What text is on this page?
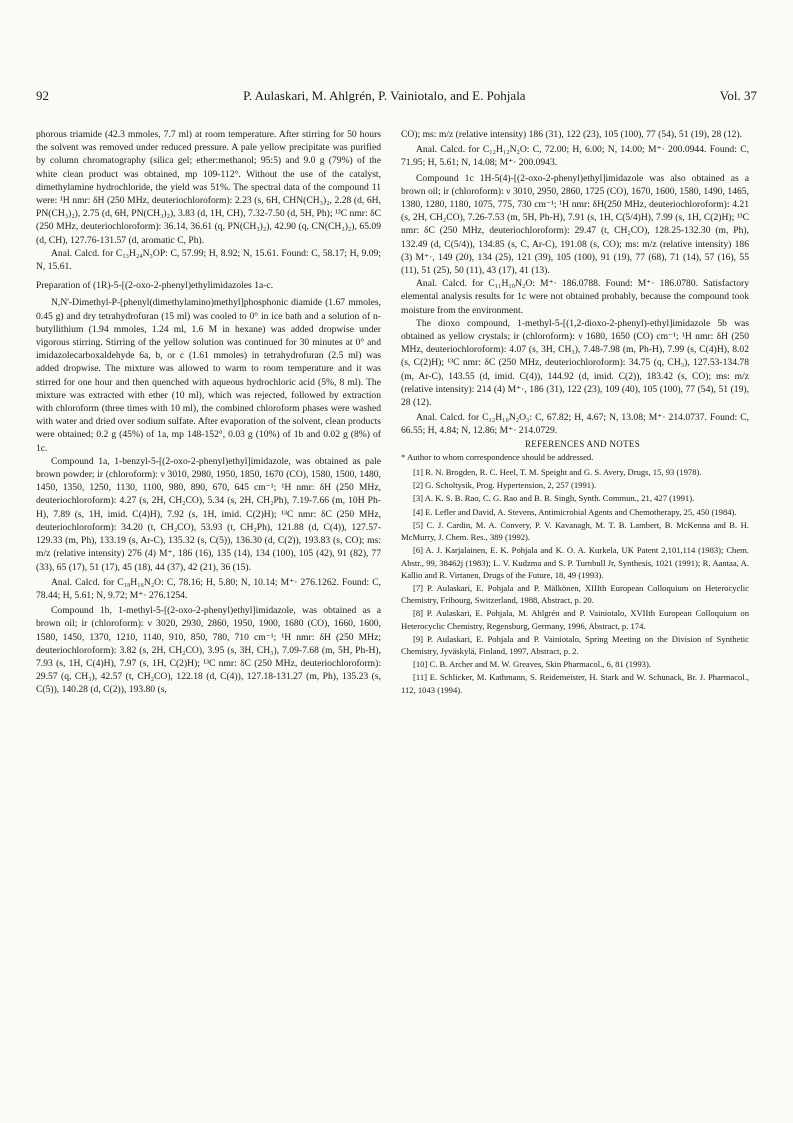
92	P. Aulaskari, M. Ahlgrén, P. Vainiotalo, and E. Pohjala	Vol. 37

phorous triamide (42.3 mmoles, 7.7 ml) at room temperature. After stirring for 50 hours the solvent was removed under reduced pressure. A pale yellow precipitate was purified by column chromatography (silica gel; ether:methanol; 95:5) and 9.0 g (79%) of the white clean product was obtained, mp 109-112°. Without the use of the catalyst, dimethylamine hydrochloride, the yield was 51%. The spectral data of the compound 11 were: ¹H nmr: δH (250 MHz, deuteriochloroform): 2.23 (s, 6H, CHN(CH₃)₂, 2.28 (d, 6H, PN(CH₃)₂), 2.75 (d, 6H, PN(CH₃)₂), 3.83 (d, 1H, CH), 7.32-7.50 (d, 5H, Ph); ¹³C nmr: δC (250 MHz, deuteriochloroform): 36.14, 36.61 (q, PN(CH₃)₂), 42.90 (q, CN(CH₃)₂), 65.09 (d, CH), 127.76-131.57 (d, aromatic C, Ph).

Anal. Calcd. for C₁₃H₂₄N₃OP: C, 57.99; H, 8.92; N, 15.61. Found: C, 58.17; H, 9.09; N, 15.61.

Preparation of (1R)-5-[(2-oxo-2-phenyl)ethylimidazoles 1a-c.

N,N'-Dimethyl-P-[phenyl(dimethylamino)methyl]phosphonic diamide (1.67 mmoles, 0.45 g) and dry tetrahydrofuran (15 ml) was cooled to 0° in ice bath and a solution of n-butyllithium (1.94 mmoles, 1.24 ml, 1.6 M in hexane) was added dropwise under vigorous stirring. Stirring of the yellow solution was continued for 30 minutes at 0° and imidazolecarboxaldehyde 6a, b, or c (1.61 mmoles) in tetrahydrofuran (2.5 ml) was added dropwise. The mixture was allowed to warm to room temperature and it was stirred for one hour and then quenched with aqueous hydrochloric acid (5%, 8 ml). The mixture was extracted with ether (10 ml), which was rejected, followed by extraction with chloroform (three times with 10 ml), the combined chloroform phases were washed with water and dried over sodium sulfate. After evaporation of the solvent, clean products were obtained; 0.2 g (45%) of 1a, mp 148-152°, 0.03 g (10%) of 1b and 0.02 g (8%) of 1c.

Compound 1a, 1-benzyl-5-[(2-oxo-2-phenyl)ethyl]imidazole, was obtained as pale brown powder; ir (chloroform): ν 3010, 2980, 1950, 1850, 1670 (CO), 1580, 1500, 1480, 1450, 1350, 1250, 1130, 1100, 980, 890, 670, 645 cm⁻¹; ¹H nmr: δH (250 MHz, deuteriochloroform): 4.27 (s, 2H, CH₂CO), 5.34 (s, 2H, CH₂Ph), 7.19-7.66 (m, 10H Ph-H), 7.89 (s, 1H, imid. C(4)H), 7.92 (s, 1H, imid. C(2)H); ¹³C nmr: δC (250 MHz, deuteriochloroform): 34.20 (t, CH₂CO), 53.93 (t, CH₂Ph), 121.88 (d, C(4)), 127.57-129.33 (m, Ph), 133.19 (s, Ar-C), 135.32 (s, C(5)), 136.30 (d, C(2)), 193.83 (s, CO); ms: m/z (relative intensity) 276 (4) M⁺, 186 (16), 135 (14), 134 (100), 105 (42), 91 (82), 77 (33), 65 (17), 51 (17), 45 (18), 44 (37), 42 (21), 36 (15).

Anal. Calcd. for C₁₈H₁₆N₂O: C, 78.16; H, 5.80; N, 10.14; M⁺· 276.1262. Found: C, 78.44; H, 5.61; N, 9.72; M⁺· 276.1254.

Compound 1b, 1-methyl-5-[(2-oxo-2-phenyl)ethyl]imidazole, was obtained as a brown oil; ir (chloroform): ν 3020, 2930, 2860, 1950, 1900, 1680 (CO), 1660, 1600, 1580, 1450, 1370, 1210, 1140, 910, 850, 780, 710 cm⁻¹; ¹H nmr: δH (250 MHz; deuteriochloroform): 3.82 (s, 2H, CH₂CO), 3.95 (s, 3H, CH₃), 7.09-7.68 (m, 5H, Ph-H), 7.93 (s, 1H, C(4)H), 7.97 (s, 1H, C(2)H); ¹³C nmr: δC (250 MHz, deuteriochloroform): 29.57 (q, CH₃), 42.57 (t, CH₂CO), 122.18 (d, C(4)), 127.18-131.27 (m, Ph), 135.23 (s, C(5)), 140.28 (d, C(2)), 193.80 (s,

CO); ms: m/z (relative intensity) 186 (31), 122 (23), 105 (100), 77 (54), 51 (19), 28 (12).

Anal. Calcd. for C₁₂H₁₂N₂O: C, 72.00; H, 6.00; N, 14.00; M⁺· 200.0944. Found: C, 71.95; H, 5.61; N, 14.08; M⁺· 200.0943.

Compound 1c 1H-5(4)-[(2-oxo-2-phenyl)ethyl]imidazole was also obtained as a brown oil; ir (chloroform): ν 3010, 2950, 2860, 1725 (CO), 1670, 1600, 1580, 1490, 1465, 1380, 1280, 1180, 1075, 775, 730 cm⁻¹; ¹H nmr: δH(250 MHz, deuteriochloroform): 4.21 (s, 2H, CH₂CO), 7.26-7.53 (m, 5H, Ph-H), 7.91 (s, 1H, C(5/4)H), 7.99 (s, 1H, C(2)H); ¹³C nmr: δC (250 MHz, deuteriochloroform): 29.47 (t, CH₂CO), 128.25-132.30 (m, Ph), 132.49 (d, C(5/4)), 134.85 (s, C, Ar-C), 191.08 (s, CO); ms: m/z (relative intensity) 186 (3) M⁺·, 149 (20), 134 (25), 121 (39), 105 (100), 91 (19), 77 (68), 71 (14), 57 (16), 55 (11), 51 (25), 50 (11), 43 (17), 41 (13).

Anal. Calcd. for C₁₁H₁₀N₂O: M⁺· 186.0788. Found: M⁺· 186.0780. Satisfactory elemental analysis results for 1c were not obtained probably, because the compound took moisture from the environment.

The dioxo compound, 1-methyl-5-[(1,2-dioxo-2-phenyl)-ethyl]imidazole 5b was obtained as yellow crystals; ir (chloroform): ν 1680, 1650 (CO) cm⁻¹; ¹H nmr: δH (250 MHz, deuteriochloroform): 4.07 (s, 3H, CH₃), 7.48-7.98 (m, Ph-H), 7.99 (s, C(4)H), 8.02 (s, C(2)H); ¹³C nmr: δC (250 MHz, deuteriochloroform): 34.75 (q, CH₃), 127.53-134.78 (m, Ar-C), 143.55 (d, imid. C(4)), 144.92 (d, imid. C(2)), 183.42 (s, CO); ms: m/z (relative intensity): 214 (4) M⁺·, 186 (31), 122 (23), 109 (40), 105 (100), 77 (54), 51 (19), 28 (12).

Anal. Calcd. for C₁₂H₁₀N₂O₃: C, 67.82; H, 4.67; N, 13.08; M⁺· 214.0737. Found: C, 66.55; H, 4.84; N, 12.86; M⁺· 214.0729.

REFERENCES AND NOTES

* Author to whom correspondence should be addressed.

[1] R. N. Brogden, R. C. Heel, T. M. Speight and G. S. Avery, Drugs, 15, 93 (1978).

[2] G. Scholtysik, Prog. Hypertension, 2, 257 (1991).

[3] A. K. S. B. Rao, C. G. Rao and B. B. Singh, Synth. Commun., 21, 427 (1991).

[4] E. Lefler and David, A. Stevens, Antimicrobial Agents and Chemotherapy, 25, 450 (1984).

[5] C. J. Cardin, M. A. Convery, P. V. Kavanagh, M. T. B. Lambert, B. McKenna and B. H. McMurry, J. Chem. Res., 389 (1992).

[6] A. J. Karjalainen, E. K. Pohjala and K. O. A. Kurkela, UK Patent 2,101,114 (1983); Chem. Abstr., 99, 38462j (1983); L. V. Kudzma and S. P. Turnbull Jr, Synthesis, 1021 (1991); R. Aantaa, A. Kallio and R. Virtanen, Drugs of the Future, 18, 49 (1993).

[7] P. Aulaskari, E. Pohjala and P. Mälkönen, XIIIth European Colloquium on Heterocyclic Chemistry, Fribourg, Switzerland, 1988, Abstract, p. 20.

[8] P. Aulaskari, E. Pohjala, M. Ahlgrén and P. Vainiotalo, XVIIth European Colloquium on Heterocyclic Chemistry, Regensburg, Germany, 1996, Abstract, p. 174.

[9] P. Aulaskari, E. Pohjala and P. Vainiotalo, Spring Meeting on the Division of Synthetic Chemistry, Jyväskylä, Finland, 1997, Abstract, p. 2.

[10] C. B. Archer and M. W. Greaves, Skin Pharmacol., 6, 81 (1993).

[11] E. Schlicker, M. Kathmann, S. Reidemeister, H. Stark and W. Schunack, Br. J. Pharmacol., 112, 1043 (1994).
